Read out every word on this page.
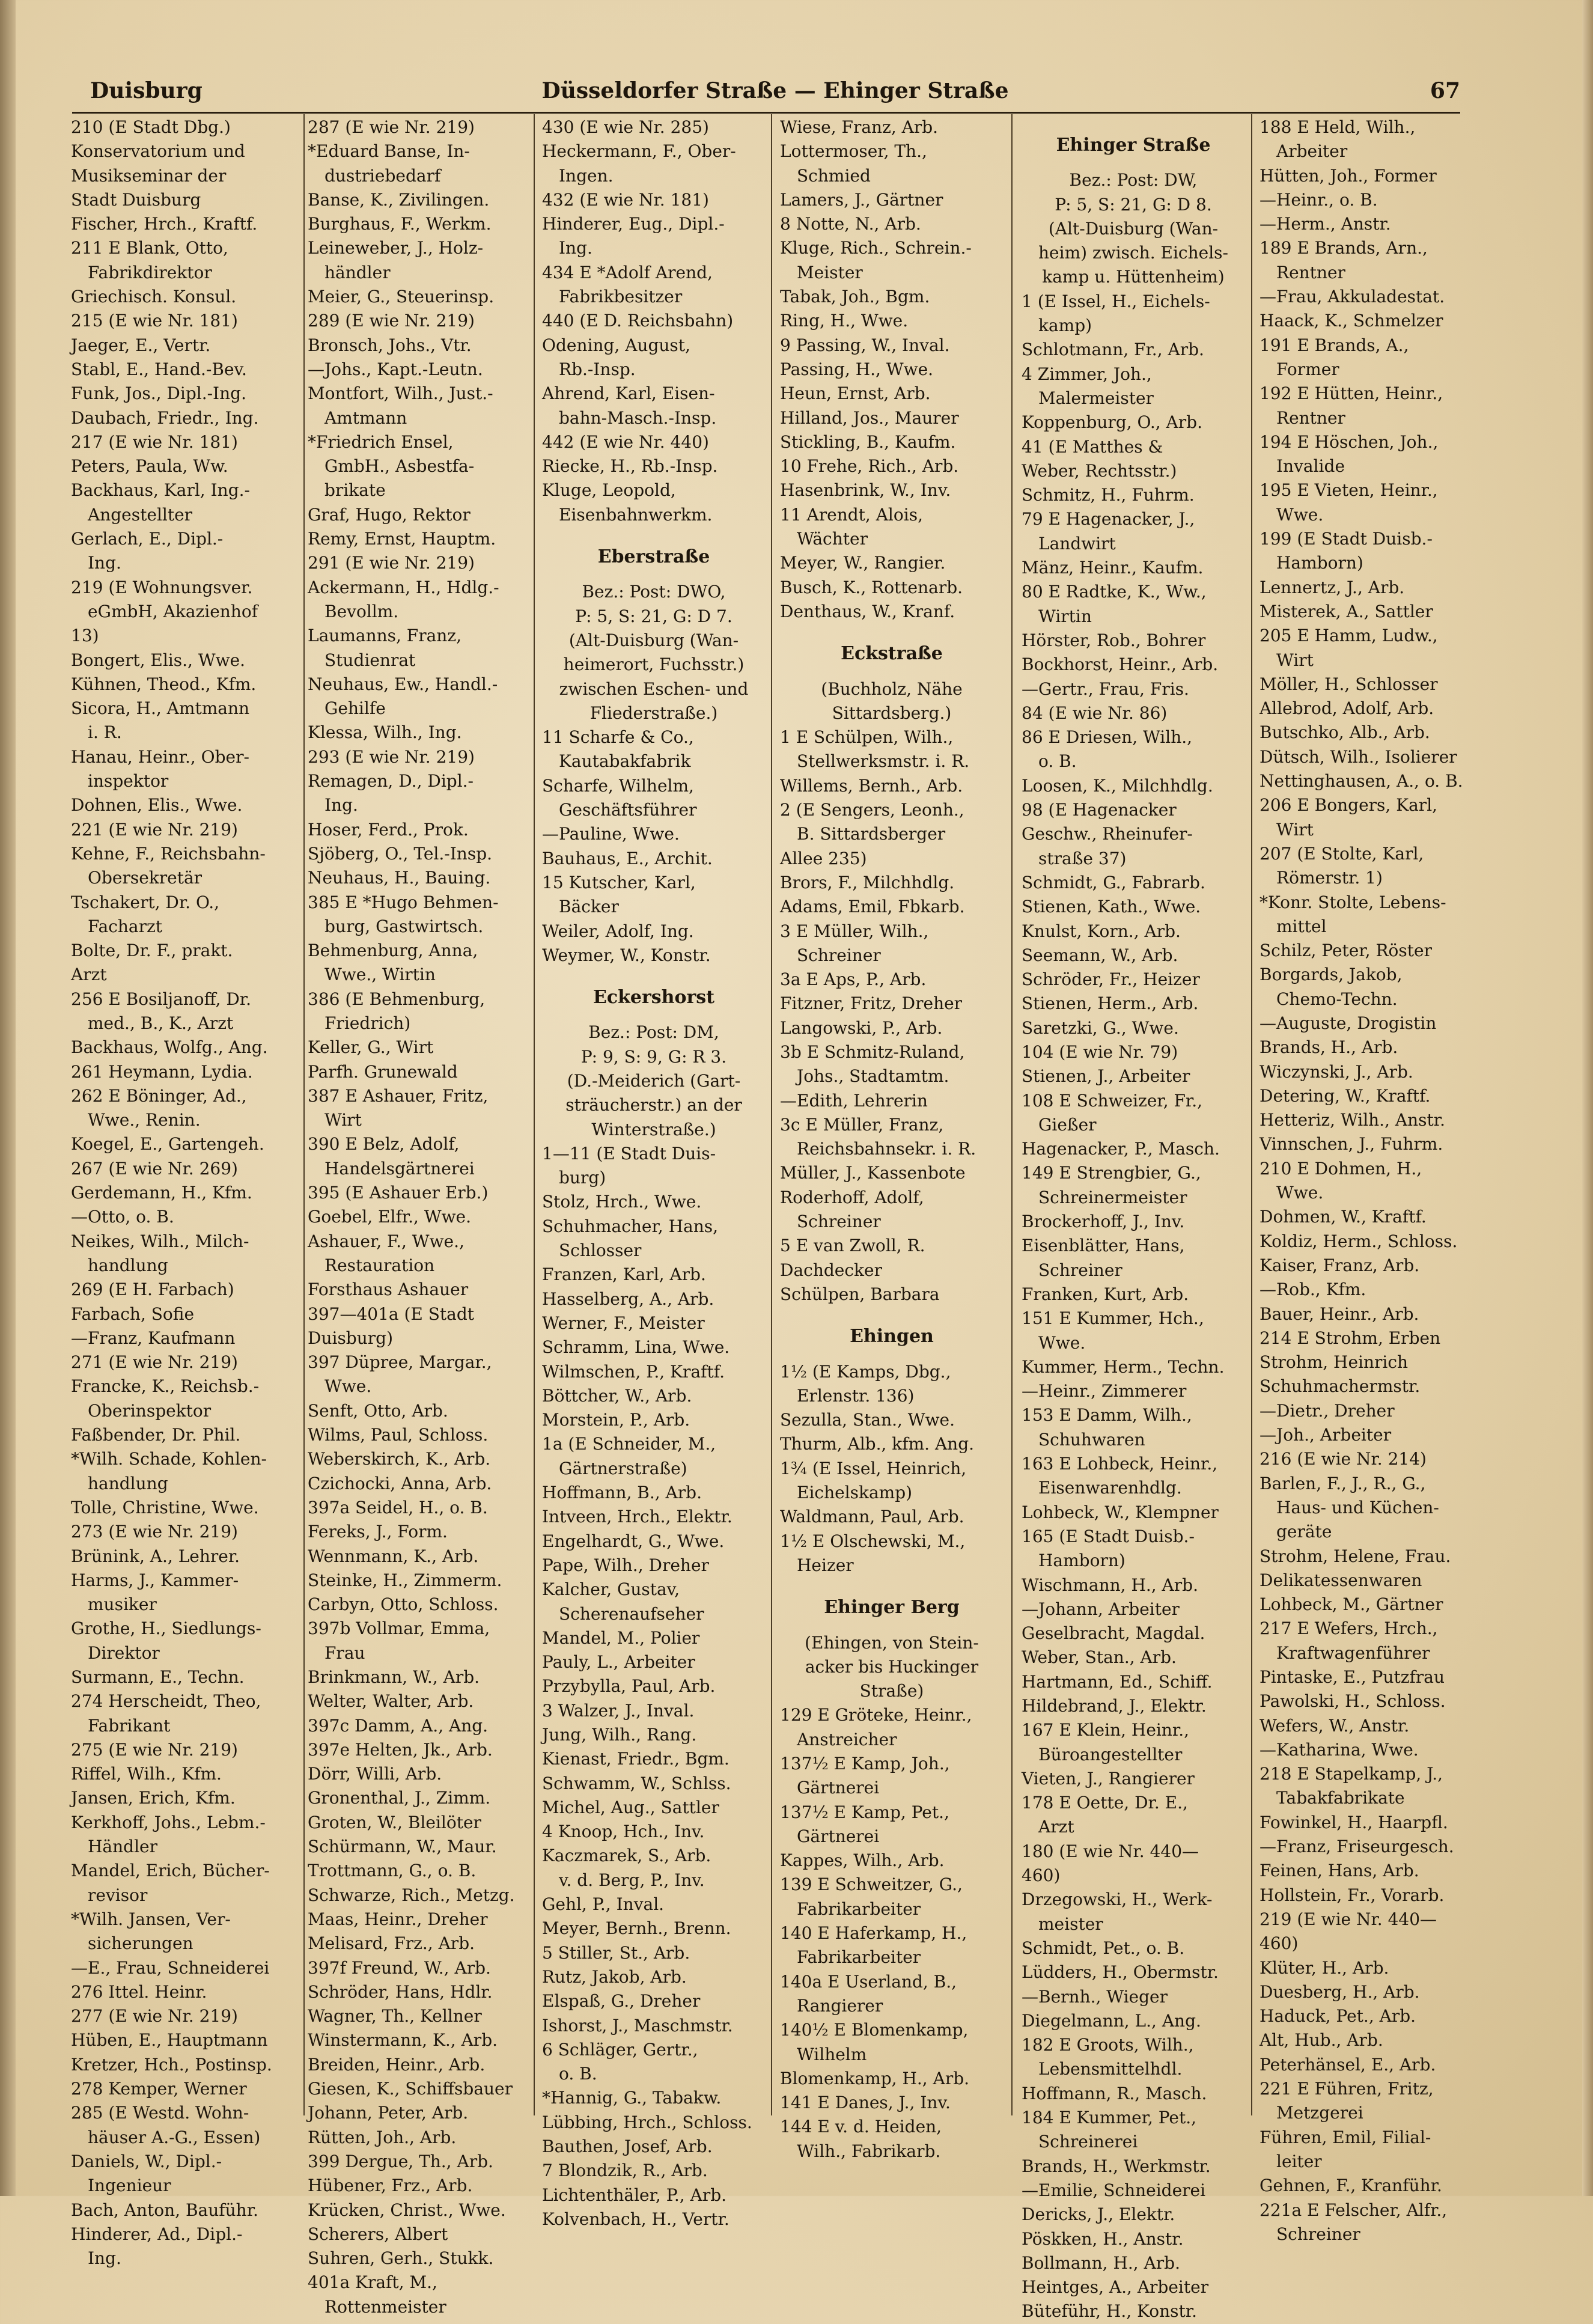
Duisburg	Düsseldorfer Straße — Ehinger Straße	67
210 (E Stadt Dbg.)
Konservatorium und
Musikseminar der
Stadt Duisburg
Fischer, Hrch., Kraftf.
211 E Blank, Otto,
Fabrikdirektor
Griechisch. Konsul.
215 (E wie Nr. 181)
Jaeger, E., Vertr.
Stabl, E., Hand.-Bev.
Funk, Jos., Dipl.-Ing.
Daubach, Friedr., Ing.
217 (E wie Nr. 181)
Peters, Paula, Ww.
Backhaus, Karl, Ing.-
Angestellter
Gerlach, E., Dipl.-
Ing.
219 (E Wohnungsver.
eGmbH, Akazienhof
13)
Bongert, Elis., Wwe.
Kühnen, Theod., Kfm.
Sicora, H., Amtmann
i. R.
Hanau, Heinr., Ober-
inspektor
Dohnen, Elis., Wwe.
221 (E wie Nr. 219)
Kehne, F., Reichsbahn-
Obersekretär
Tschakert, Dr. O.,
Facharzt
Bolte, Dr. F., prakt.
Arzt
256 E Bosiljanoff, Dr.
med., B., K., Arzt
Backhaus, Wolfg., Ang.
261 Heymann, Lydia.
262 E Böninger, Ad.,
Wwe., Renin.
Koegel, E., Gartengeh.
267 (E wie Nr. 269)
Gerdemann, H., Kfm.
—Otto, o. B.
Neikes, Wilh., Milch-
handlung
269 (E H. Farbach)
Farbach, Sofie
—Franz, Kaufmann
271 (E wie Nr. 219)
Francke, K., Reichsb.-
Oberinspektor
Faßbender, Dr. Phil.
*Wilh. Schade, Kohlen-
handlung
Tolle, Christine, Wwe.
273 (E wie Nr. 219)
Brünink, A., Lehrer.
Harms, J., Kammer-
musiker
Grothe, H., Siedlungs-
Direktor
Surmann, E., Techn.
274 Herscheidt, Theo,
Fabrikant
275 (E wie Nr. 219)
Riffel, Wilh., Kfm.
Jansen, Erich, Kfm.
Kerkhoff, Johs., Lebm.-
Händler
Mandel, Erich, Bücher-
revisor
*Wilh. Jansen, Ver-
sicherungen
—E., Frau, Schneiderei
276 Ittel. Heinr.
277 (E wie Nr. 219)
Hüben, E., Hauptmann
Kretzer, Hch., Postinsp.
278 Kemper, Werner
285 (E Westd. Wohn-
häuser A.-G., Essen)
Daniels, W., Dipl.-
Ingenieur
Bach, Anton, Bauführ.
Hinderer, Ad., Dipl.-
Ing.
287 (E wie Nr. 219)
*Eduard Banse, In-
dustriebedarf
Banse, K., Zivilingen.
Burghaus, F., Werkm.
Leineweber, J., Holz-
händler
Meier, G., Steuerinsp.
289 (E wie Nr. 219)
Bronsch, Johs., Vtr.
—Johs., Kapt.-Leutn.
Montfort, Wilh., Just.-
Amtmann
*Friedrich Ensel,
GmbH., Asbestfa-
brikate
Graf, Hugo, Rektor
Remy, Ernst, Hauptm.
291 (E wie Nr. 219)
Ackermann, H., Hdlg.-
Bevollm.
Laumanns, Franz,
Studienrat
Neuhaus, Ew., Handl.-
Gehilfe
Klessa, Wilh., Ing.
293 (E wie Nr. 219)
Remagen, D., Dipl.-
Ing.
Hoser, Ferd., Prok.
Sjöberg, O., Tel.-Insp.
Neuhaus, H., Bauing.
385 E *Hugo Behmen-
burg, Gastwirtsch.
Behmenburg, Anna,
Wwe., Wirtin
386 (E Behmenburg,
Friedrich)
Keller, G., Wirt
Parfh. Grunewald
387 E Ashauer, Fritz,
Wirt
390 E Belz, Adolf,
Handelsgärtnerei
395 (E Ashauer Erb.)
Goebel, Elfr., Wwe.
Ashauer, F., Wwe.,
Restauration
Forsthaus Ashauer
397—401a (E Stadt
Duisburg)
397 Düpree, Margar.,
Wwe.
Senft, Otto, Arb.
Wilms, Paul, Schloss.
Weberskirch, K., Arb.
Czichocki, Anna, Arb.
397a Seidel, H., o. B.
Fereks, J., Form.
Wennmann, K., Arb.
Steinke, H., Zimmerm.
Carbyn, Otto, Schloss.
397b Vollmar, Emma,
Frau
Brinkmann, W., Arb.
Welter, Walter, Arb.
397c Damm, A., Ang.
397e Helten, Jk., Arb.
Dörr, Willi, Arb.
Gronenthal, J., Zimm.
Groten, W., Bleilöter
Schürmann, W., Maur.
Trottmann, G., o. B.
Schwarze, Rich., Metzg.
Maas, Heinr., Dreher
Melisard, Frz., Arb.
397f Freund, W., Arb.
Schröder, Hans, Hdlr.
Wagner, Th., Kellner
Winstermann, K., Arb.
Breiden, Heinr., Arb.
Giesen, K., Schiffsbauer
Johann, Peter, Arb.
Rütten, Joh., Arb.
399 Dergue, Th., Arb.
Hübener, Frz., Arb.
Krücken, Christ., Wwe.
Scherers, Albert
Suhren, Gerh., Stukk.
401a Kraft, M.,
Rottenmeister
430 (E wie Nr. 285)
Heckermann, F., Ober-
Ingen.
432 (E wie Nr. 181)
Hinderer, Eug., Dipl.-
Ing.
434 E *Adolf Arend,
Fabrikbesitzer
440 (E D. Reichsbahn)
Odening, August,
Rb.-Insp.
Ahrend, Karl, Eisen-
bahn-Masch.-Insp.
442 (E wie Nr. 440)
Riecke, H., Rb.-Insp.
Kluge, Leopold,
Eisenbahnwerkm.
Eberstraße
Bez.: Post: DWO,
P: 5, S: 21, G: D 7.
(Alt-Duisburg (Wan-
heimerort, Fuchsstr.)
zwischen Eschen- und
Fliederstraße.)
11 Scharfe & Co.,
Kautabakfabrik
Scharfe, Wilhelm,
Geschäftsführer
—Pauline, Wwe.
Bauhaus, E., Archit.
15 Kutscher, Karl,
Bäcker
Weiler, Adolf, Ing.
Weymer, W., Konstr.
Eckershorst
Bez.: Post: DM,
P: 9, S: 9, G: R 3.
(D.-Meiderich (Gart-
sträucherstr.) an der
Winterstraße.)
1—11 (E Stadt Duis-
burg)
Stolz, Hrch., Wwe.
Schuhmacher, Hans,
Schlosser
Franzen, Karl, Arb.
Hasselberg, A., Arb.
Werner, F., Meister
Schramm, Lina, Wwe.
Wilmschen, P., Kraftf.
Böttcher, W., Arb.
Morstein, P., Arb.
1a (E Schneider, M.,
Gärtnerstraße)
Hoffmann, B., Arb.
Intveen, Hrch., Elektr.
Engelhardt, G., Wwe.
Pape, Wilh., Dreher
Kalcher, Gustav,
Scherenaufseher
Mandel, M., Polier
Pauly, L., Arbeiter
Przybylla, Paul, Arb.
3 Walzer, J., Inval.
Jung, Wilh., Rang.
Kienast, Friedr., Bgm.
Schwamm, W., Schlss.
Michel, Aug., Sattler
4 Knoop, Hch., Inv.
Kaczmarek, S., Arb.
v. d. Berg, P., Inv.
Gehl, P., Inval.
Meyer, Bernh., Brenn.
5 Stiller, St., Arb.
Rutz, Jakob, Arb.
Elspaß, G., Dreher
Ishorst, J., Maschmstr.
6 Schläger, Gertr.,
o. B.
*Hannig, G., Tabakw.
Lübbing, Hrch., Schloss.
Bauthen, Josef, Arb.
7 Blondzik, R., Arb.
Lichtenthäler, P., Arb.
Kolvenbach, H., Vertr.
Wiese, Franz, Arb.
Lottermoser, Th.,
Schmied
Lamers, J., Gärtner
8 Notte, N., Arb.
Kluge, Rich., Schrein.-
Meister
Tabak, Joh., Bgm.
Ring, H., Wwe.
9 Passing, W., Inval.
Passing, H., Wwe.
Heun, Ernst, Arb.
Hilland, Jos., Maurer
Stickling, B., Kaufm.
10 Frehe, Rich., Arb.
Hasenbrink, W., Inv.
11 Arendt, Alois,
Wächter
Meyer, W., Rangier.
Busch, K., Rottenarb.
Denthaus, W., Kranf.
Eckstraße
(Buchholz, Nähe
Sittardsberg.)
1 E Schülpen, Wilh.,
Stellwerksmstr. i. R.
Willems, Bernh., Arb.
2 (E Sengers, Leonh.,
B. Sittardsberger
Allee 235)
Brors, F., Milchhdlg.
Adams, Emil, Fbkarb.
3 E Müller, Wilh.,
Schreiner
3a E Aps, P., Arb.
Fitzner, Fritz, Dreher
Langowski, P., Arb.
3b E Schmitz-Ruland,
Johs., Stadtamtm.
—Edith, Lehrerin
3c E Müller, Franz,
Reichsbahnsekr. i. R.
Müller, J., Kassenbote
Roderhoff, Adolf,
Schreiner
5 E van Zwoll, R.
Dachdecker
Schülpen, Barbara
Ehingen
1½ (E Kamps, Dbg.,
Erlenstr. 136)
Sezulla, Stan., Wwe.
Thurm, Alb., kfm. Ang.
1¾ (E Issel, Heinrich,
Eichelskamp)
Waldmann, Paul, Arb.
1½ E Olschewski, M.,
Heizer
Ehinger Berg
(Ehingen, von Stein-
acker bis Huckinger
Straße)
129 E Gröteke, Heinr.,
Anstreicher
137½ E Kamp, Joh.,
Gärtnerei
137½ E Kamp, Pet.,
Gärtnerei
Kappes, Wilh., Arb.
139 E Schweitzer, G.,
Fabrikarbeiter
140 E Haferkamp, H.,
Fabrikarbeiter
140a E Userland, B.,
Rangierer
140½ E Blomenkamp,
Wilhelm
Blomenkamp, H., Arb.
141 E Danes, J., Inv.
144 E v. d. Heiden,
Wilh., Fabrikarb.
Ehinger Straße
Bez.: Post: DW,
P: 5, S: 21, G: D 8.
(Alt-Duisburg (Wan-
heim) zwisch. Eichels-
kamp u. Hüttenheim)
1 (E Issel, H., Eichels-
kamp)
Schlotmann, Fr., Arb.
4 Zimmer, Joh.,
Malermeister
Koppenburg, O., Arb.
41 (E Matthes &
Weber, Rechtsstr.)
Schmitz, H., Fuhrm.
79 E Hagenacker, J.,
Landwirt
Mänz, Heinr., Kaufm.
80 E Radtke, K., Ww.,
Wirtin
Hörster, Rob., Bohrer
Bockhorst, Heinr., Arb.
—Gertr., Frau, Fris.
84 (E wie Nr. 86)
86 E Driesen, Wilh.,
o. B.
Loosen, K., Milchhdlg.
98 (E Hagenacker
Geschw., Rheinufer-
straße 37)
Schmidt, G., Fabrarb.
Stienen, Kath., Wwe.
Knulst, Korn., Arb.
Seemann, W., Arb.
Schröder, Fr., Heizer
Stienen, Herm., Arb.
Saretzki, G., Wwe.
104 (E wie Nr. 79)
Stienen, J., Arbeiter
108 E Schweizer, Fr.,
Gießer
Hagenacker, P., Masch.
149 E Strengbier, G.,
Schreinermeister
Brockerhoff, J., Inv.
Eisenblätter, Hans,
Schreiner
Franken, Kurt, Arb.
151 E Kummer, Hch.,
Wwe.
Kummer, Herm., Techn.
—Heinr., Zimmerer
153 E Damm, Wilh.,
Schuhwaren
163 E Lohbeck, Heinr.,
Eisenwarenhdlg.
Lohbeck, W., Klempner
165 (E Stadt Duisb.-
Hamborn)
Wischmann, H., Arb.
—Johann, Arbeiter
Geselbracht, Magdal.
Weber, Stan., Arb.
Hartmann, Ed., Schiff.
Hildebrand, J., Elektr.
167 E Klein, Heinr.,
Büroangestellter
Vieten, J., Rangierer
178 E Oette, Dr. E.,
Arzt
180 (E wie Nr. 440—
460)
Drzegowski, H., Werk-
meister
Schmidt, Pet., o. B.
Lüdders, H., Obermstr.
—Bernh., Wieger
Diegelmann, L., Ang.
182 E Groots, Wilh.,
Lebensmittelhdl.
Hoffmann, R., Masch.
184 E Kummer, Pet.,
Schreinerei
Brands, H., Werkmstr.
—Emilie, Schneiderei
Dericks, J., Elektr.
Pöskken, H., Anstr.
Bollmann, H., Arb.
Heintges, A., Arbeiter
Büteführ, H., Konstr.
188 E Held, Wilh.,
Arbeiter
Hütten, Joh., Former
—Heinr., o. B.
—Herm., Anstr.
189 E Brands, Arn.,
Rentner
—Frau, Akkuladestat.
Haack, K., Schmelzer
191 E Brands, A.,
Former
192 E Hütten, Heinr.,
Rentner
194 E Höschen, Joh.,
Invalide
195 E Vieten, Heinr.,
Wwe.
199 (E Stadt Duisb.-
Hamborn)
Lennertz, J., Arb.
Misterek, A., Sattler
205 E Hamm, Ludw.,
Wirt
Möller, H., Schlosser
Allebrod, Adolf, Arb.
Butschko, Alb., Arb.
Dütsch, Wilh., Isolierer
Nettinghausen, A., o. B.
206 E Bongers, Karl,
Wirt
207 (E Stolte, Karl,
Römerstr. 1)
*Konr. Stolte, Lebens-
mittel
Schilz, Peter, Röster
Borgards, Jakob,
Chemo-Techn.
—Auguste, Drogistin
Brands, H., Arb.
Wiczynski, J., Arb.
Detering, W., Kraftf.
Hetteriz, Wilh., Anstr.
Vinnschen, J., Fuhrm.
210 E Dohmen, H.,
Wwe.
Dohmen, W., Kraftf.
Koldiz, Herm., Schloss.
Kaiser, Franz, Arb.
—Rob., Kfm.
Bauer, Heinr., Arb.
214 E Strohm, Erben
Strohm, Heinrich
Schuhmachermstr.
—Dietr., Dreher
—Joh., Arbeiter
216 (E wie Nr. 214)
Barlen, F., J., R., G.,
Haus- und Küchen-
geräte
Strohm, Helene, Frau.
Delikatessenwaren
Lohbeck, M., Gärtner
217 E Wefers, Hrch.,
Kraftwagenführer
Pintaske, E., Putzfrau
Pawolski, H., Schloss.
Wefers, W., Anstr.
—Katharina, Wwe.
218 E Stapelkamp, J.,
Tabakfabrikate
Fowinkel, H., Haarpfl.
—Franz, Friseurgesch.
Feinen, Hans, Arb.
Hollstein, Fr., Vorarb.
219 (E wie Nr. 440—
460)
Klüter, H., Arb.
Duesberg, H., Arb.
Haduck, Pet., Arb.
Alt, Hub., Arb.
Peterhänsel, E., Arb.
221 E Führen, Fritz,
Metzgerei
Führen, Emil, Filial-
leiter
Gehnen, F., Kranführ.
221a E Felscher, Alfr.,
Schreiner
